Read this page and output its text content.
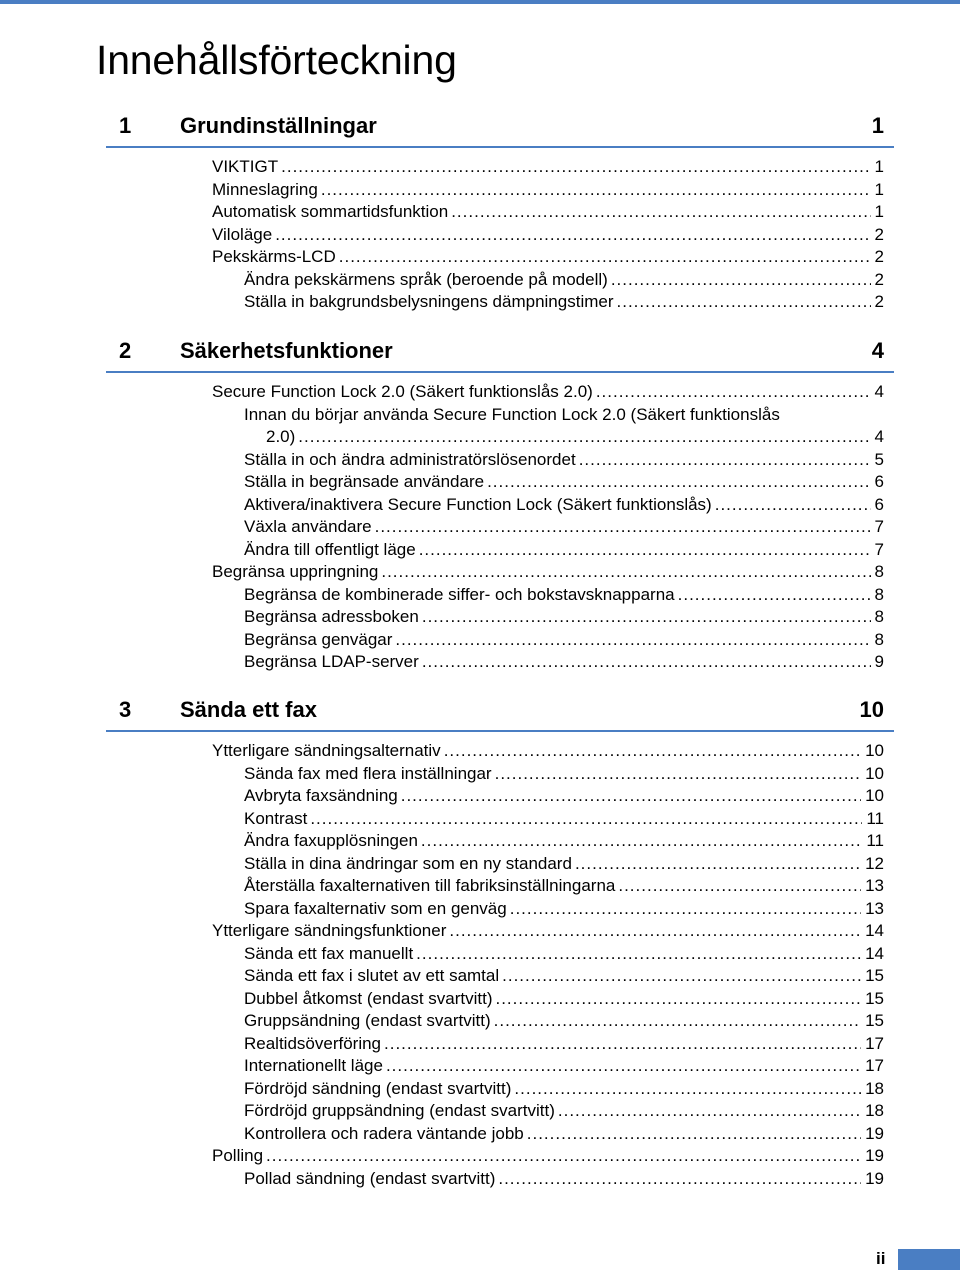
Innehållsförteckning
1 Grundinställningar	1
VIKTIGT .....	1
Minneslagring .....	1
Automatisk sommartidsfunktion .....	1
Viloläge .....	2
Pekskärms-LCD .....	2
Ändra pekskärmens språk (beroende på modell) .....	2
Ställa in bakgrundsbelysningens dämpningstimer .....	2
2 Säkerhetsfunktioner	4
Secure Function Lock 2.0 (Säkert funktionslås 2.0) .....	4
Innan du börjar använda Secure Function Lock 2.0 (Säkert funktionslås
2.0) .....	4
Ställa in och ändra administratörslösenordet .....	5
Ställa in begränsade användare .....	6
Aktivera/inaktivera Secure Function Lock (Säkert funktionslås) .....	6
Växla användare .....	7
Ändra till offentligt läge .....	7
Begränsa uppringning .....	8
Begränsa de kombinerade siffer- och bokstavsknapparna .....	8
Begränsa adressboken .....	8
Begränsa genvägar .....	8
Begränsa LDAP-server .....	9
3 Sända ett fax	10
Ytterligare sändningsalternativ .....	10
Sända fax med flera inställningar .....	10
Avbryta faxsändning .....	10
Kontrast .....	11
Ändra faxupplösningen .....	11
Ställa in dina ändringar som en ny standard .....	12
Återställa faxalternativen till fabriksinställningarna .....	13
Spara faxalternativ som en genväg .....	13
Ytterligare sändningsfunktioner .....	14
Sända ett fax manuellt .....	14
Sända ett fax i slutet av ett samtal .....	15
Dubbel åtkomst (endast svartvitt) .....	15
Gruppsändning (endast svartvitt) .....	15
Realtidsöverföring .....	17
Internationellt läge .....	17
Fördröjd sändning (endast svartvitt) .....	18
Fördröjd gruppsändning (endast svartvitt) .....	18
Kontrollera och radera väntande jobb .....	19
Polling .....	19
Pollad sändning (endast svartvitt) .....	19
ii
